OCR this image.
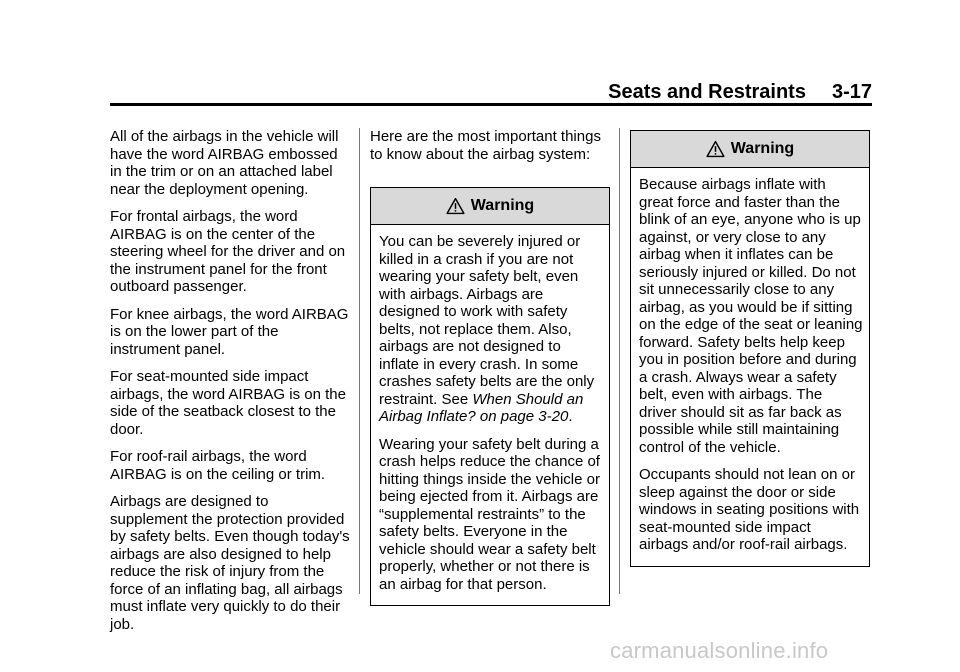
Seats and Restraints 3-17

All of the airbags in the vehicle will have the word AIRBAG embossed in the trim or on an attached label near the deployment opening.

For frontal airbags, the word AIRBAG is on the center of the steering wheel for the driver and on the instrument panel for the front outboard passenger.

For knee airbags, the word AIRBAG is on the lower part of the instrument panel.

For seat-mounted side impact airbags, the word AIRBAG is on the side of the seatback closest to the door.

For roof-rail airbags, the word AIRBAG is on the ceiling or trim.

Airbags are designed to supplement the protection provided by safety belts. Even though today's airbags are also designed to help reduce the risk of injury from the force of an inflating bag, all airbags must inflate very quickly to do their job.

Here are the most important things to know about the airbag system:

Warning

You can be severely injured or killed in a crash if you are not wearing your safety belt, even with airbags. Airbags are designed to work with safety belts, not replace them. Also, airbags are not designed to inflate in every crash. In some crashes safety belts are the only restraint. See When Should an Airbag Inflate? on page 3-20.

Wearing your safety belt during a crash helps reduce the chance of hitting things inside the vehicle or being ejected from it. Airbags are “supplemental restraints” to the safety belts. Everyone in the vehicle should wear a safety belt properly, whether or not there is an airbag for that person.

Warning

Because airbags inflate with great force and faster than the blink of an eye, anyone who is up against, or very close to any airbag when it inflates can be seriously injured or killed. Do not sit unnecessarily close to any airbag, as you would be if sitting on the edge of the seat or leaning forward. Safety belts help keep you in position before and during a crash. Always wear a safety belt, even with airbags. The driver should sit as far back as possible while still maintaining control of the vehicle.

Occupants should not lean on or sleep against the door or side windows in seating positions with seat-mounted side impact airbags and/or roof-rail airbags.

carmanualsonline.info
